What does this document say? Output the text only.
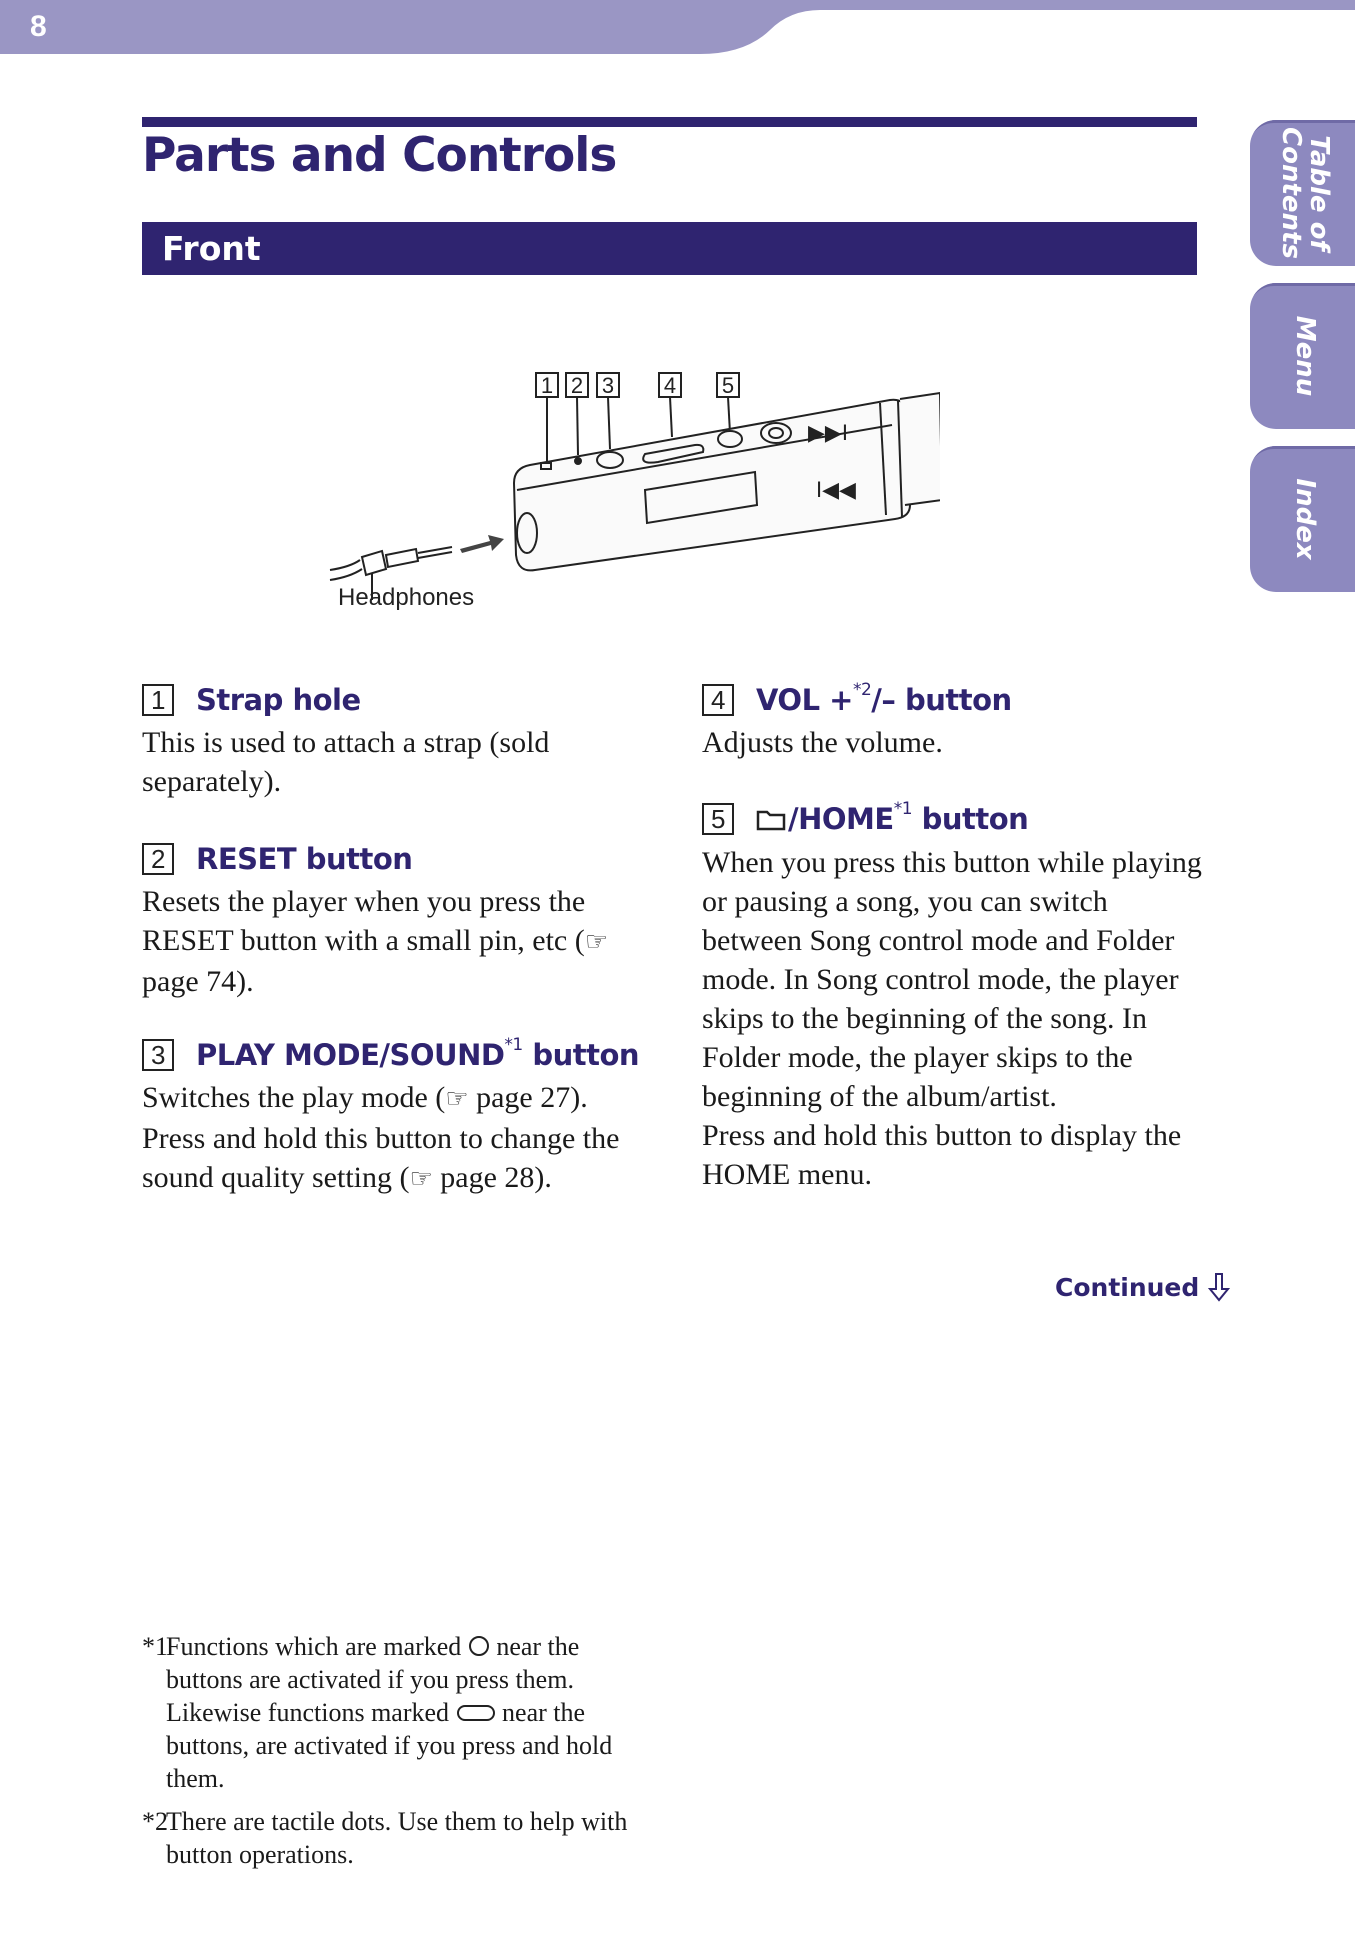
8
Table of
Contents
Menu
Index
Parts and Controls
Front
▶▶I
I◀◀
1 2 3 4 5
Headphones
1	Strap hole

This is used to attach a strap (sold separately).

2	RESET button

Resets the player when you press the RESET button with a small pin, etc (☞ page 74).

3	PLAY MODE/SOUND *1 button

Switches the play mode (☞ page 27). Press and hold this button to change the sound quality setting (☞ page 28).

4	VOL + *2 /– button

Adjusts the volume.

5	/HOME *1 button

When you press this button while playing or pausing a song, you can switch between Song control mode and Folder mode. In Song control mode, the player skips to the beginning of the song. In Folder mode, the player skips to the beginning of the album/artist.

Press and hold this button to display the HOME menu.

Continued
*1
Functions which are marked ○ near the buttons are activated if you press them. Likewise functions marked  near the buttons, are activated if you press and hold them.
*2
There are tactile dots. Use them to help with button operations.
